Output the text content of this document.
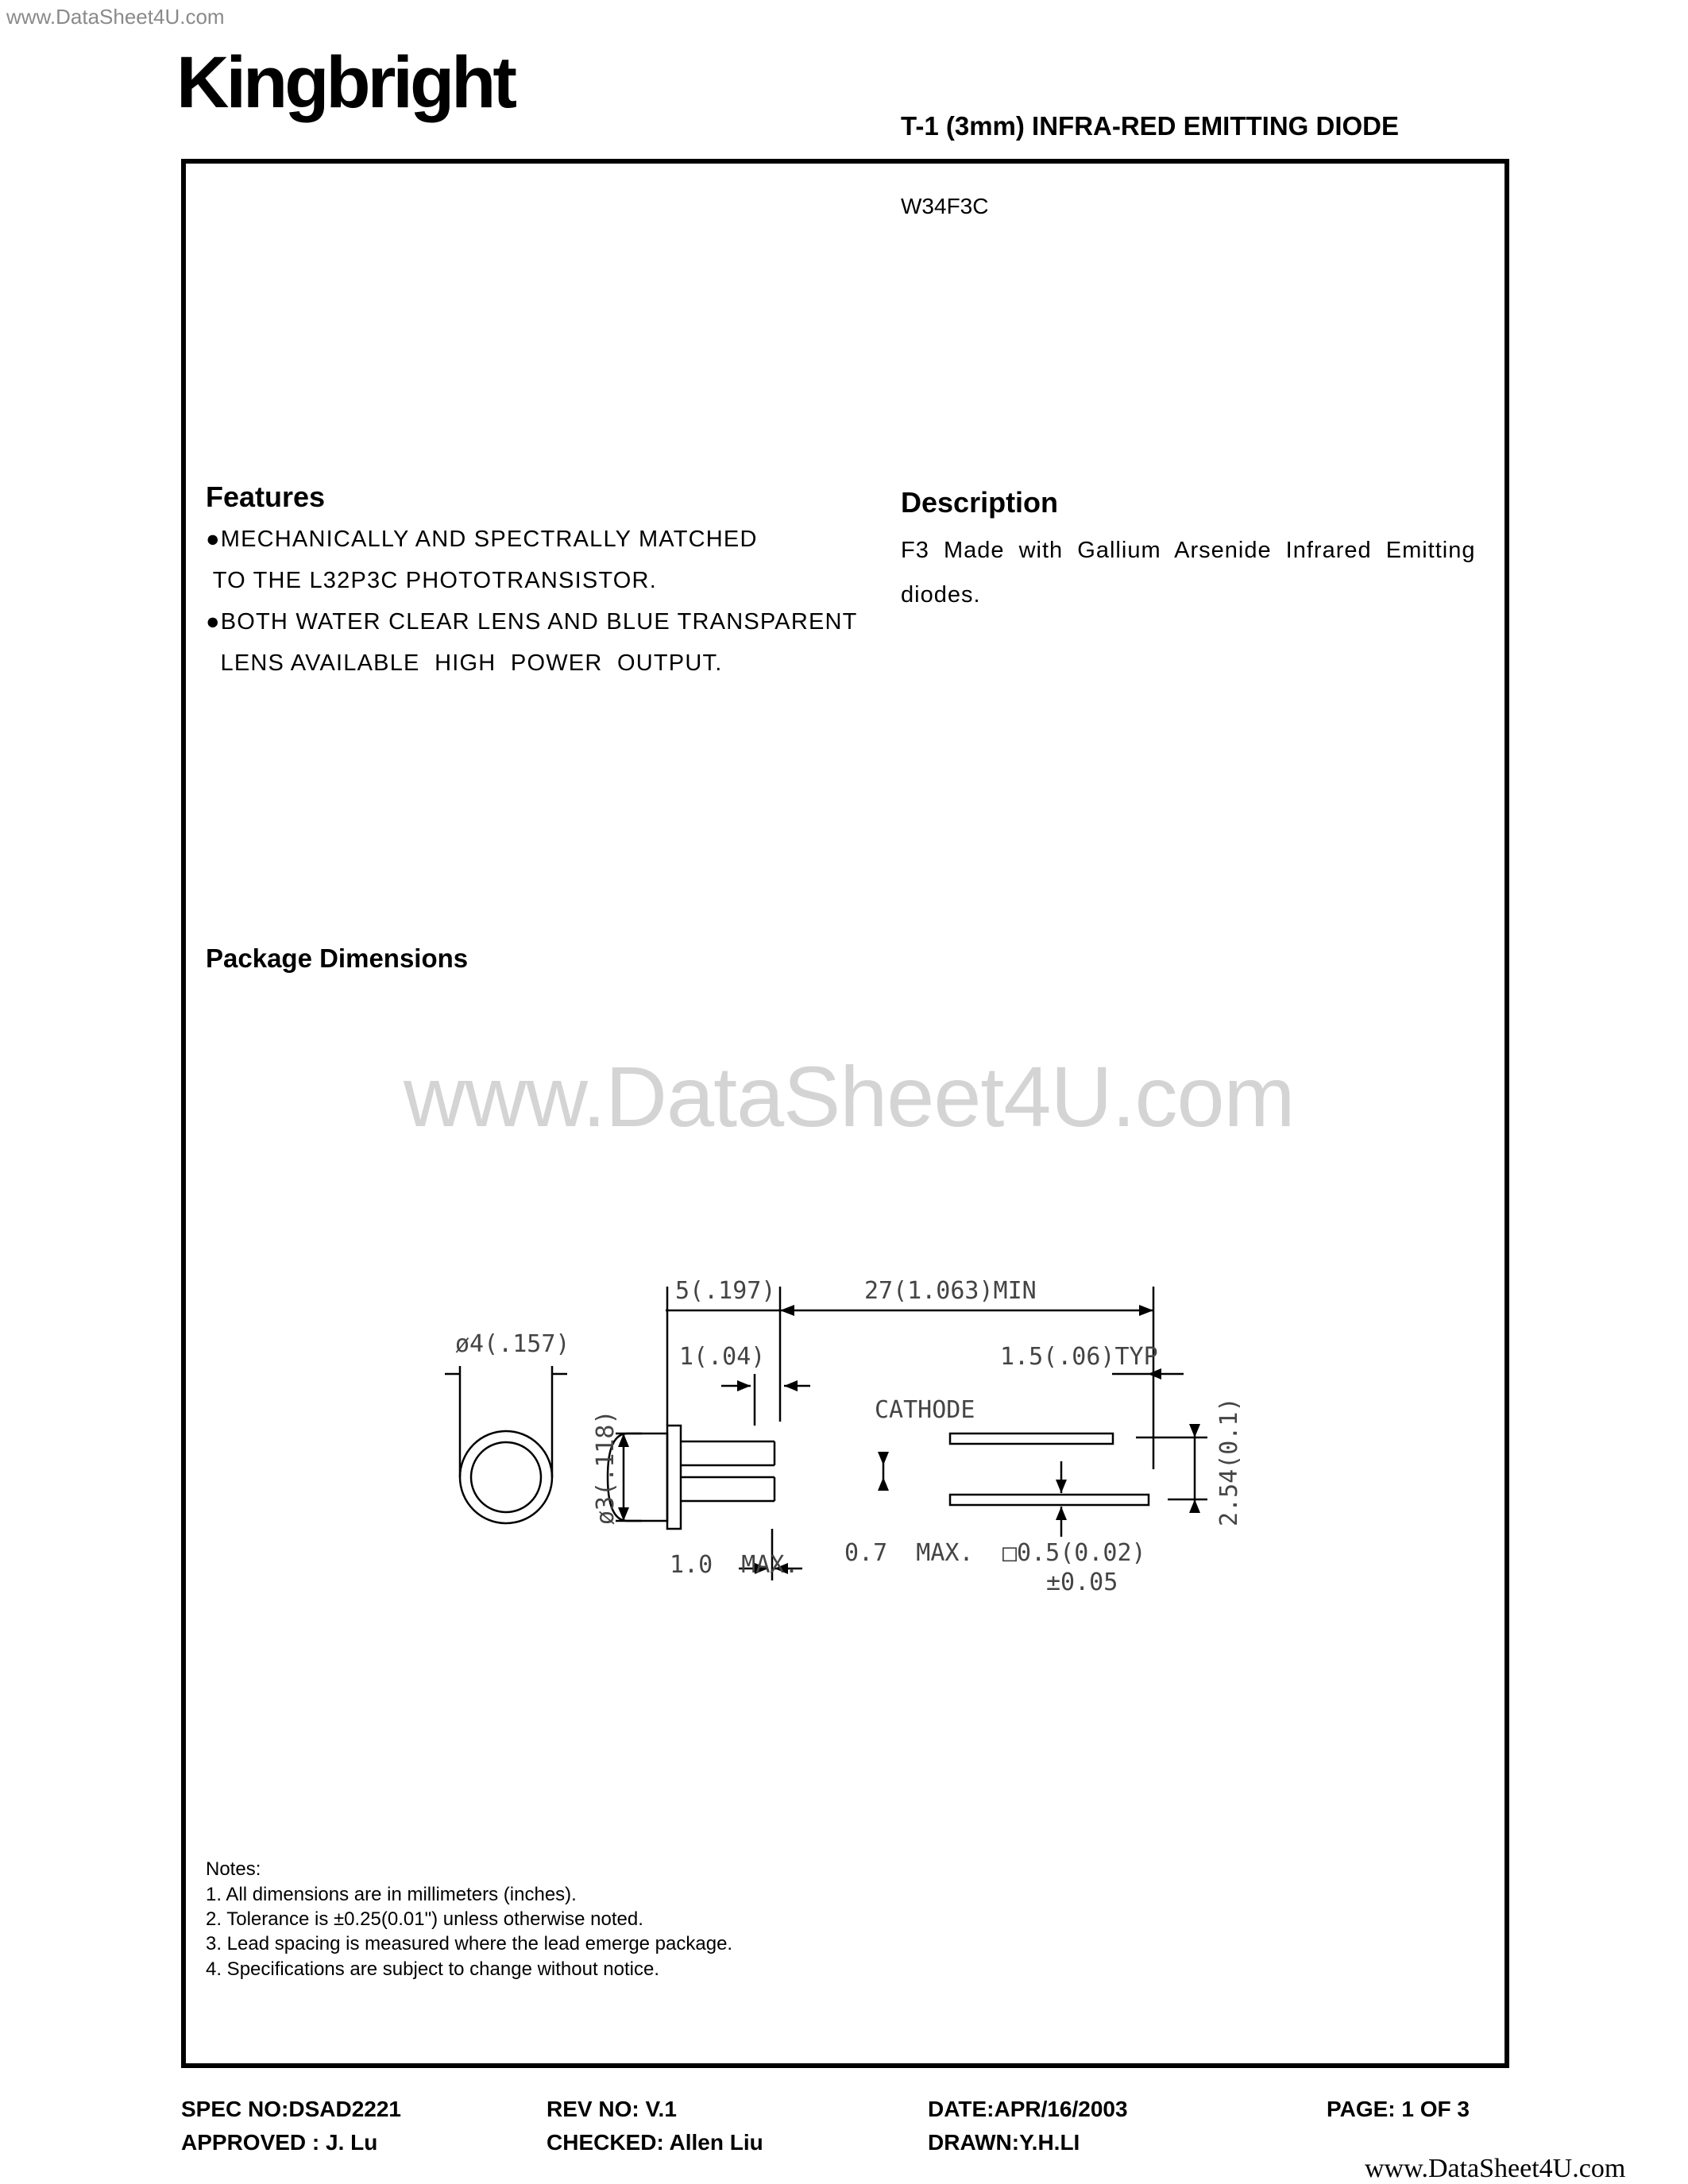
www.DataSheet4U.com
Kingbright
T-1 (3mm) INFRA-RED EMITTING DIODE
W34F3C
Features
●MECHANICALLY AND SPECTRALLY MATCHED
TO THE L32P3C PHOTOTRANSISTOR.
●BOTH WATER CLEAR LENS AND BLUE TRANSPARENT
LENS AVAILABLE  HIGH  POWER  OUTPUT.
Description
F3  Made  with  Gallium  Arsenide  Infrared  Emitting
diodes.
Package Dimensions
www.DataSheet4U.com
ø4(.157)
5(.197)	27(1.063)MIN
1(.04)	1.5(.06)TYP
CATHODE
1.0  MAX. 0.7  MAX. □0.5(0.02)
±0.05
ø3(.118)	2.54(0.1)
Notes:
1. All dimensions are in millimeters (inches).
2. Tolerance is ±0.25(0.01") unless otherwise noted.
3. Lead spacing is measured where the lead emerge package.
4. Specifications are subject to change without notice.
SPEC NO:DSAD2221	REV NO: V.1	DATE:APR/16/2003	PAGE: 1 OF 3
APPROVED : J. Lu	CHECKED: Allen Liu	DRAWN:Y.H.LI
www.DataSheet4U.com
